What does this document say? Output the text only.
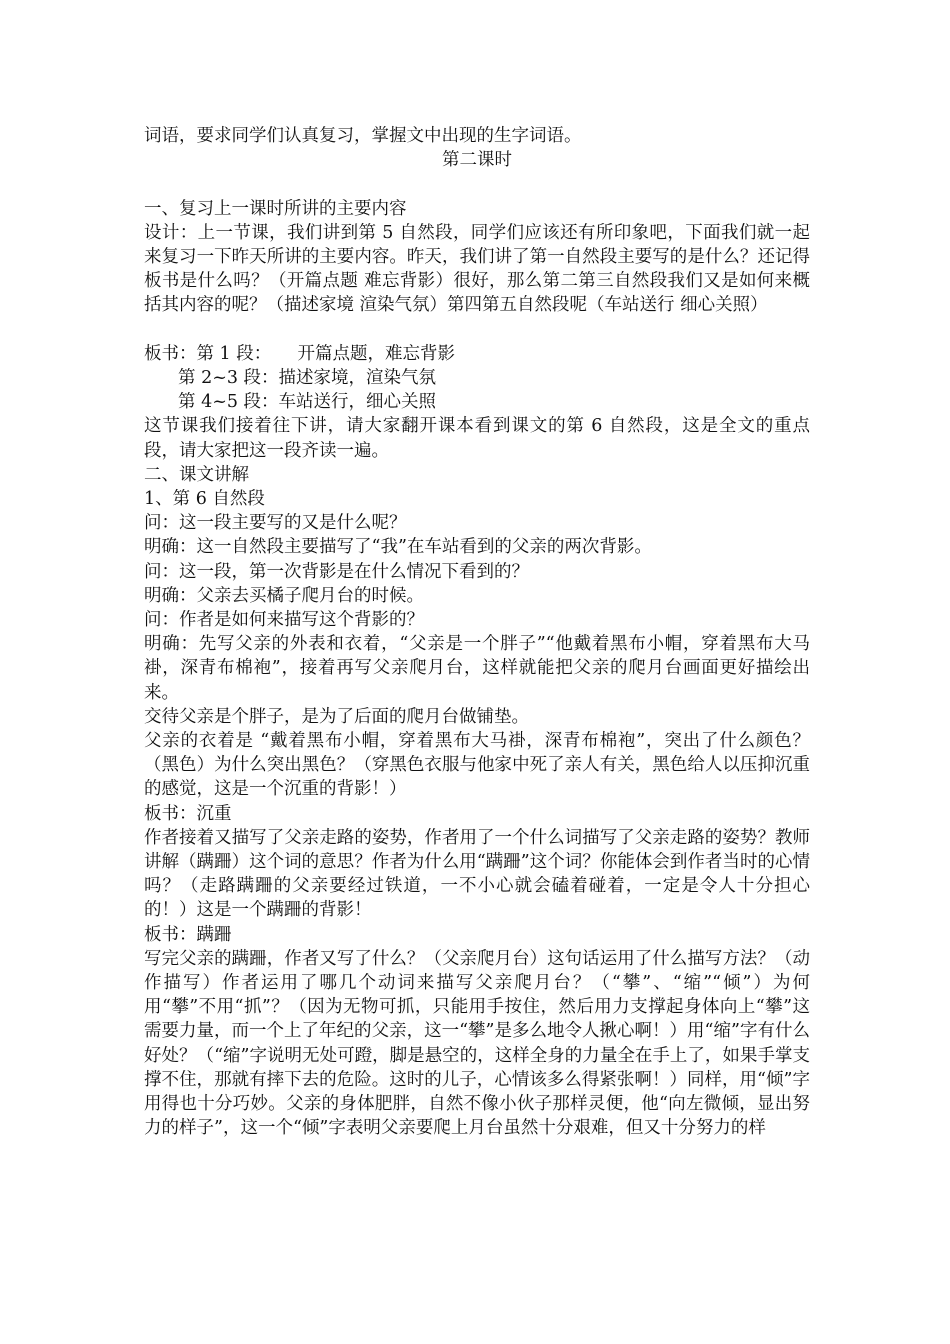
词语，要求同学们认真复习，掌握文中出现的生字词语。

第二课时

一、复习上一课时所讲的主要内容

设计：上一节课，我们讲到第 5 自然段，同学们应该还有所印象吧，下面我们就一起来复习一下昨天所讲的主要内容。昨天，我们讲了第一自然段主要写的是什么？还记得板书是什么吗？（开篇点题 难忘背影）很好，那么第二第三自然段我们又是如何来概括其内容的呢？（描述家境 渲染气氛）第四第五自然段呢（车站送行 细心关照）

板书：第 1 段：　　开篇点题，难忘背影

第 2~3 段：描述家境，渲染气氛

第 4~5 段：车站送行，细心关照

这节课我们接着往下讲，请大家翻开课本看到课文的第 6 自然段，这是全文的重点段，请大家把这一段齐读一遍。

二、课文讲解

1、第 6 自然段

问：这一段主要写的又是什么呢？

明确：这一自然段主要描写了“我”在车站看到的父亲的两次背影。

问：这一段，第一次背影是在什么情况下看到的？

明确：父亲去买橘子爬月台的时候。

问：作者是如何来描写这个背影的？

明确：先写父亲的外表和衣着，“父亲是一个胖子”“他戴着黑布小帽，穿着黑布大马褂，深青布棉袍”，接着再写父亲爬月台，这样就能把父亲的爬月台画面更好描绘出来。

交待父亲是个胖子，是为了后面的爬月台做铺垫。

父亲的衣着是 “戴着黑布小帽，穿着黑布大马褂，深青布棉袍”，突出了什么颜色？（黑色）为什么突出黑色？（穿黑色衣服与他家中死了亲人有关，黑色给人以压抑沉重的感觉，这是一个沉重的背影！）

板书：沉重

作者接着又描写了父亲走路的姿势，作者用了一个什么词描写了父亲走路的姿势？教师讲解（蹒跚）这个词的意思？作者为什么用“蹒跚”这个词？你能体会到作者当时的心情吗？（走路蹒跚的父亲要经过铁道，一不小心就会磕着碰着，一定是令人十分担心的！）这是一个蹒跚的背影！

板书：蹒跚

写完父亲的蹒跚，作者又写了什么？（父亲爬月台）这句话运用了什么描写方法？（动作描写）作者运用了哪几个动词来描写父亲爬月台？（“攀”、“缩”“倾”）为何用“攀”不用“抓”？（因为无物可抓，只能用手按住，然后用力支撑起身体向上“攀”这需要力量，而一个上了年纪的父亲，这一“攀”是多么地令人揪心啊！）用“缩”字有什么好处？（“缩”字说明无处可蹬，脚是悬空的，这样全身的力量全在手上了，如果手掌支撑不住，那就有摔下去的危险。这时的儿子，心情该多么得紧张啊！）同样，用“倾”字用得也十分巧妙。父亲的身体肥胖，自然不像小伙子那样灵便，他“向左微倾，显出努力的样子”，这一个“倾”字表明父亲要爬上月台虽然十分艰难，但又十分努力的样
